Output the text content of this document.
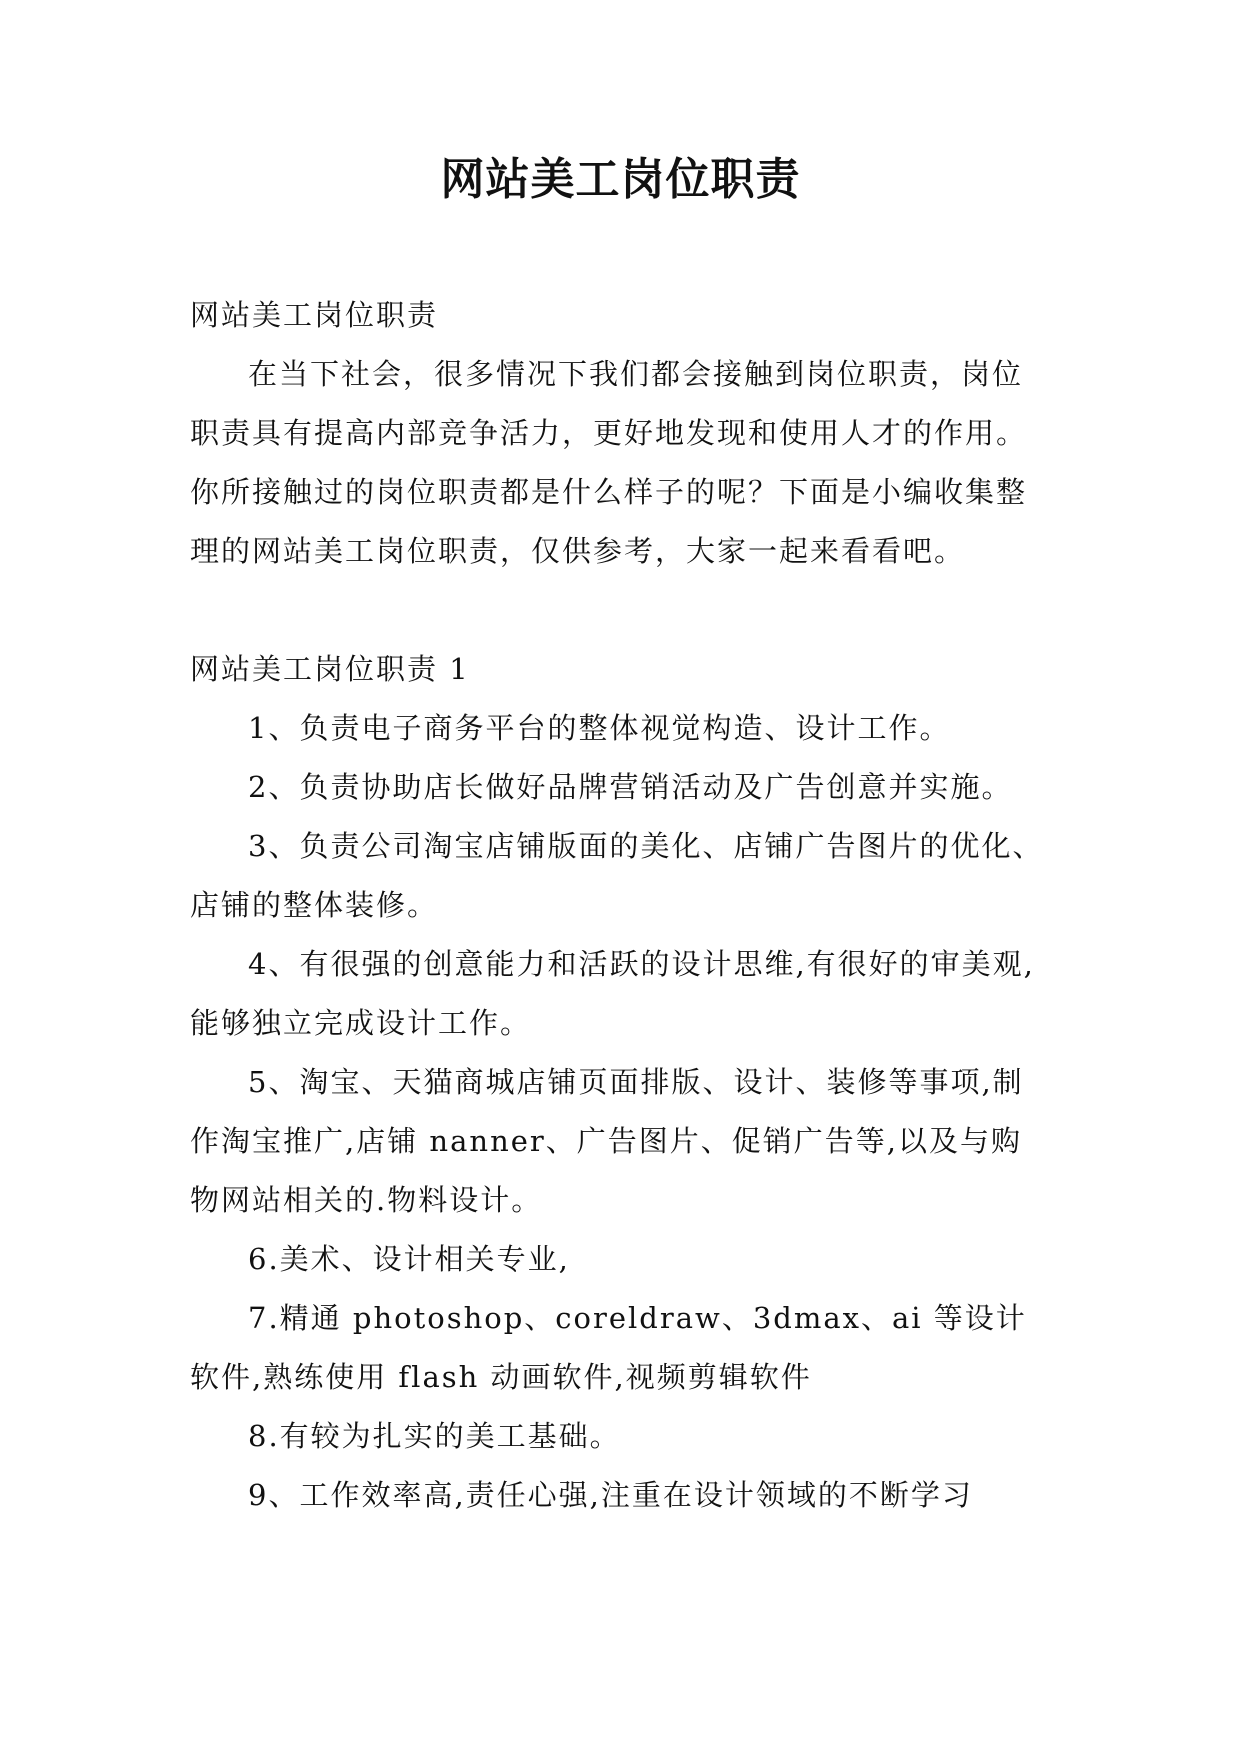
网站美工岗位职责

网站美工岗位职责

在当下社会，很多情况下我们都会接触到岗位职责，岗位职责具有提高内部竞争活力，更好地发现和使用人才的作用。你所接触过的岗位职责都是什么样子的呢？下面是小编收集整理的网站美工岗位职责，仅供参考，大家一起来看看吧。

网站美工岗位职责 1

1、负责电子商务平台的整体视觉构造、设计工作。

2、负责协助店长做好品牌营销活动及广告创意并实施。

3、负责公司淘宝店铺版面的美化、店铺广告图片的优化、店铺的整体装修。

4、有很强的创意能力和活跃的设计思维,有很好的审美观,能够独立完成设计工作。

5、淘宝、天猫商城店铺页面排版、设计、装修等事项,制作淘宝推广,店铺 nanner、广告图片、促销广告等,以及与购物网站相关的.物料设计。

6.美术、设计相关专业,

7.精通 photoshop、coreldraw、3dmax、ai 等设计软件,熟练使用 flash 动画软件,视频剪辑软件

8.有较为扎实的美工基础。

9、工作效率高,责任心强,注重在设计领域的不断学习
